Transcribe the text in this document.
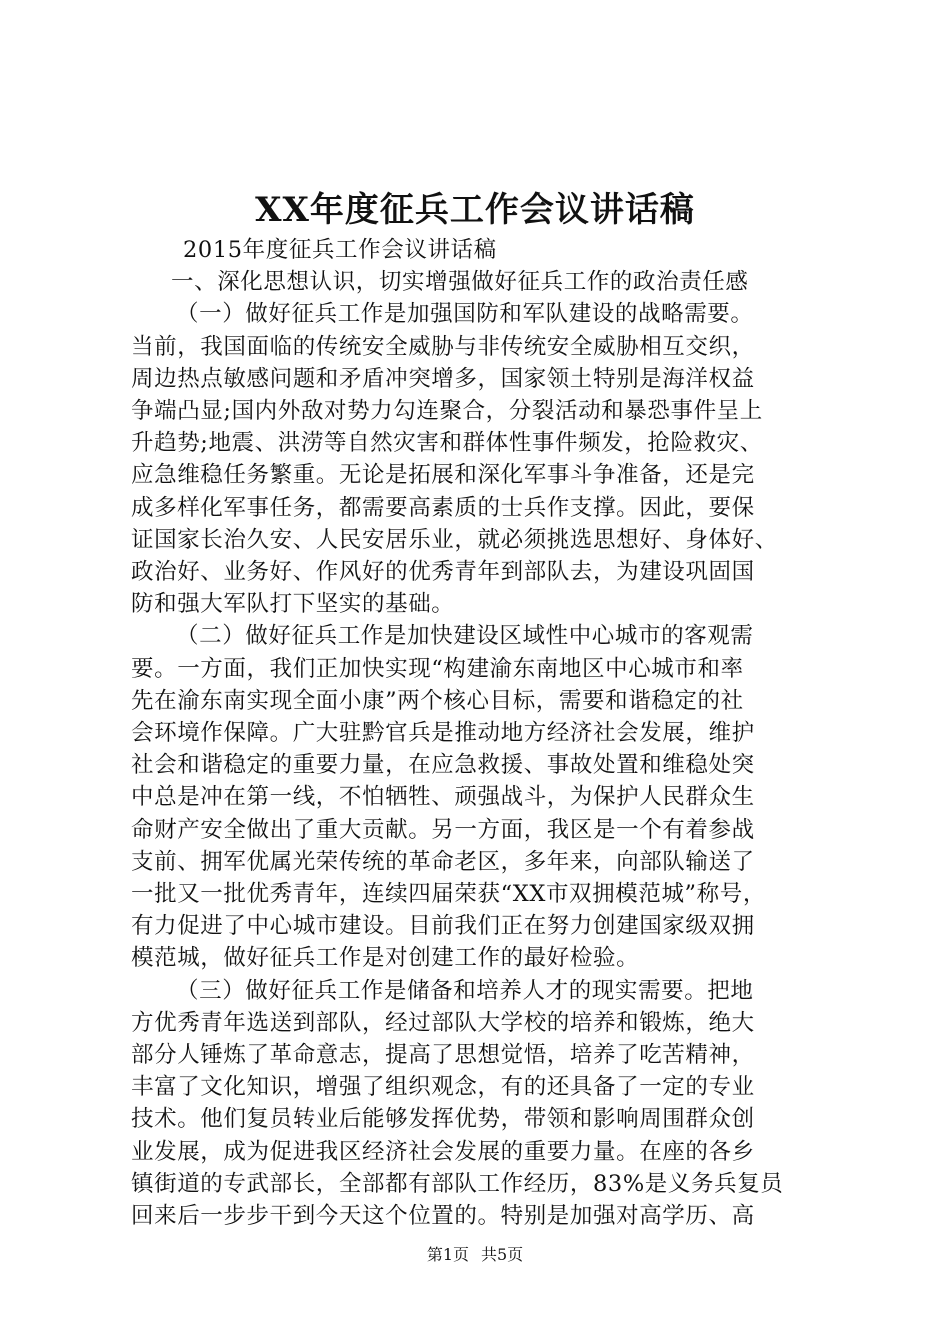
XX年度征兵工作会议讲话稿

2015年度征兵工作会议讲话稿

一、深化思想认识，切实增强做好征兵工作的政治责任感

（一）做好征兵工作是加强国防和军队建设的战略需要。

当前，我国面临的传统安全威胁与非传统安全威胁相互交织，

周边热点敏感问题和矛盾冲突增多，国家领土特别是海洋权益

争端凸显;国内外敌对势力勾连聚合，分裂活动和暴恐事件呈上

升趋势;地震、洪涝等自然灾害和群体性事件频发，抢险救灾、

应急维稳任务繁重。无论是拓展和深化军事斗争准备，还是完

成多样化军事任务，都需要高素质的士兵作支撑。因此，要保

证国家长治久安、人民安居乐业，就必须挑选思想好、身体好、

政治好、业务好、作风好的优秀青年到部队去，为建设巩固国

防和强大军队打下坚实的基础。

（二）做好征兵工作是加快建设区域性中心城市的客观需

要。一方面，我们正加快实现“构建渝东南地区中心城市和率

先在渝东南实现全面小康”两个核心目标，需要和谐稳定的社

会环境作保障。广大驻黔官兵是推动地方经济社会发展，维护

社会和谐稳定的重要力量，在应急救援、事故处置和维稳处突

中总是冲在第一线，不怕牺牲、顽强战斗，为保护人民群众生

命财产安全做出了重大贡献。另一方面，我区是一个有着参战

支前、拥军优属光荣传统的革命老区，多年来，向部队输送了

一批又一批优秀青年，连续四届荣获“XX市双拥模范城”称号，

有力促进了中心城市建设。目前我们正在努力创建国家级双拥

模范城，做好征兵工作是对创建工作的最好检验。

（三）做好征兵工作是储备和培养人才的现实需要。把地

方优秀青年选送到部队，经过部队大学校的培养和锻炼，绝大

部分人锤炼了革命意志，提高了思想觉悟，培养了吃苦精神，

丰富了文化知识，增强了组织观念，有的还具备了一定的专业

技术。他们复员转业后能够发挥优势，带领和影响周围群众创

业发展，成为促进我区经济社会发展的重要力量。在座的各乡

镇街道的专武部长，全部都有部队工作经历，83%是义务兵复员

回来后一步步干到今天这个位置的。特别是加强对高学历、高

第1页 共5页
